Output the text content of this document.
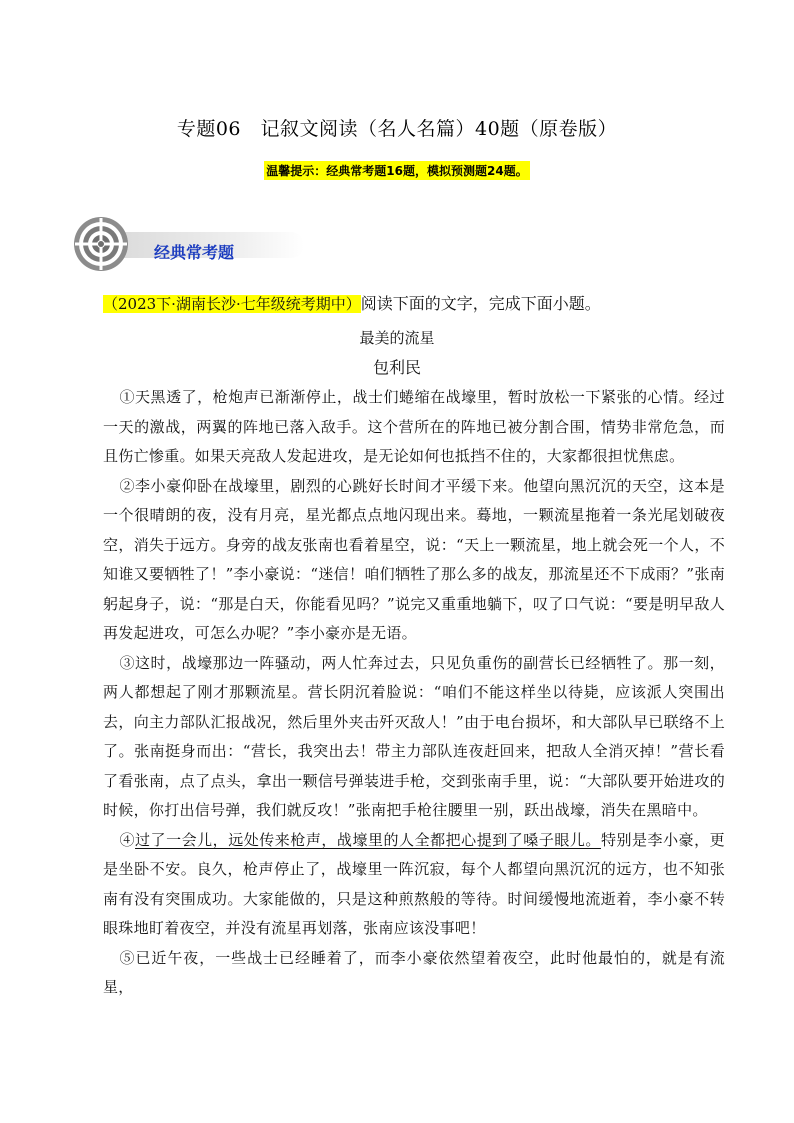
专题06　记叙文阅读（名人名篇）40题（原卷版）
温馨提示：经典常考题16题，模拟预测题24题。
经典常考题
（2023下·湖南长沙·七年级统考期中）阅读下面的文字，完成下面小题。
最美的流星
包利民

①天黑透了，枪炮声已渐渐停止，战士们蜷缩在战壕里，暂时放松一下紧张的心情。经过一天的激战，两翼的阵地已落入敌手。这个营所在的阵地已被分割合围，情势非常危急，而且伤亡惨重。如果天亮敌人发起进攻，是无论如何也抵挡不住的，大家都很担忧焦虑。

②李小豪仰卧在战壕里，剧烈的心跳好长时间才平缓下来。他望向黑沉沉的天空，这本是一个很晴朗的夜，没有月亮，星光都点点地闪现出来。蓦地，一颗流星拖着一条光尾划破夜空，消失于远方。身旁的战友张南也看着星空，说：“天上一颗流星，地上就会死一个人，不知谁又要牺牲了！”李小豪说：“迷信！咱们牺牲了那么多的战友，那流星还不下成雨？”张南躬起身子，说：“那是白天，你能看见吗？”说完又重重地躺下，叹了口气说：“要是明早敌人再发起进攻，可怎么办呢？”李小豪亦是无语。

③这时，战壕那边一阵骚动，两人忙奔过去，只见负重伤的副营长已经牺牲了。那一刻，两人都想起了刚才那颗流星。营长阴沉着脸说：“咱们不能这样坐以待毙，应该派人突围出去，向主力部队汇报战况，然后里外夹击歼灭敌人！”由于电台损坏，和大部队早已联络不上了。张南挺身而出：“营长，我突出去！带主力部队连夜赶回来，把敌人全消灭掉！”营长看了看张南，点了点头，拿出一颗信号弹装进手枪，交到张南手里，说：“大部队要开始进攻的时候，你打出信号弹，我们就反攻！”张南把手枪往腰里一别，跃出战壕，消失在黑暗中。

④过了一会儿，远处传来枪声，战壕里的人全都把心提到了嗓子眼儿。特别是李小豪，更是坐卧不安。良久，枪声停止了，战壕里一阵沉寂，每个人都望向黑沉沉的远方，也不知张南有没有突围成功。大家能做的，只是这种煎熬般的等待。时间缓慢地流逝着，李小豪不转眼珠地盯着夜空，并没有流星再划落，张南应该没事吧！

⑤已近午夜，一些战士已经睡着了，而李小豪依然望着夜空，此时他最怕的，就是有流星，
